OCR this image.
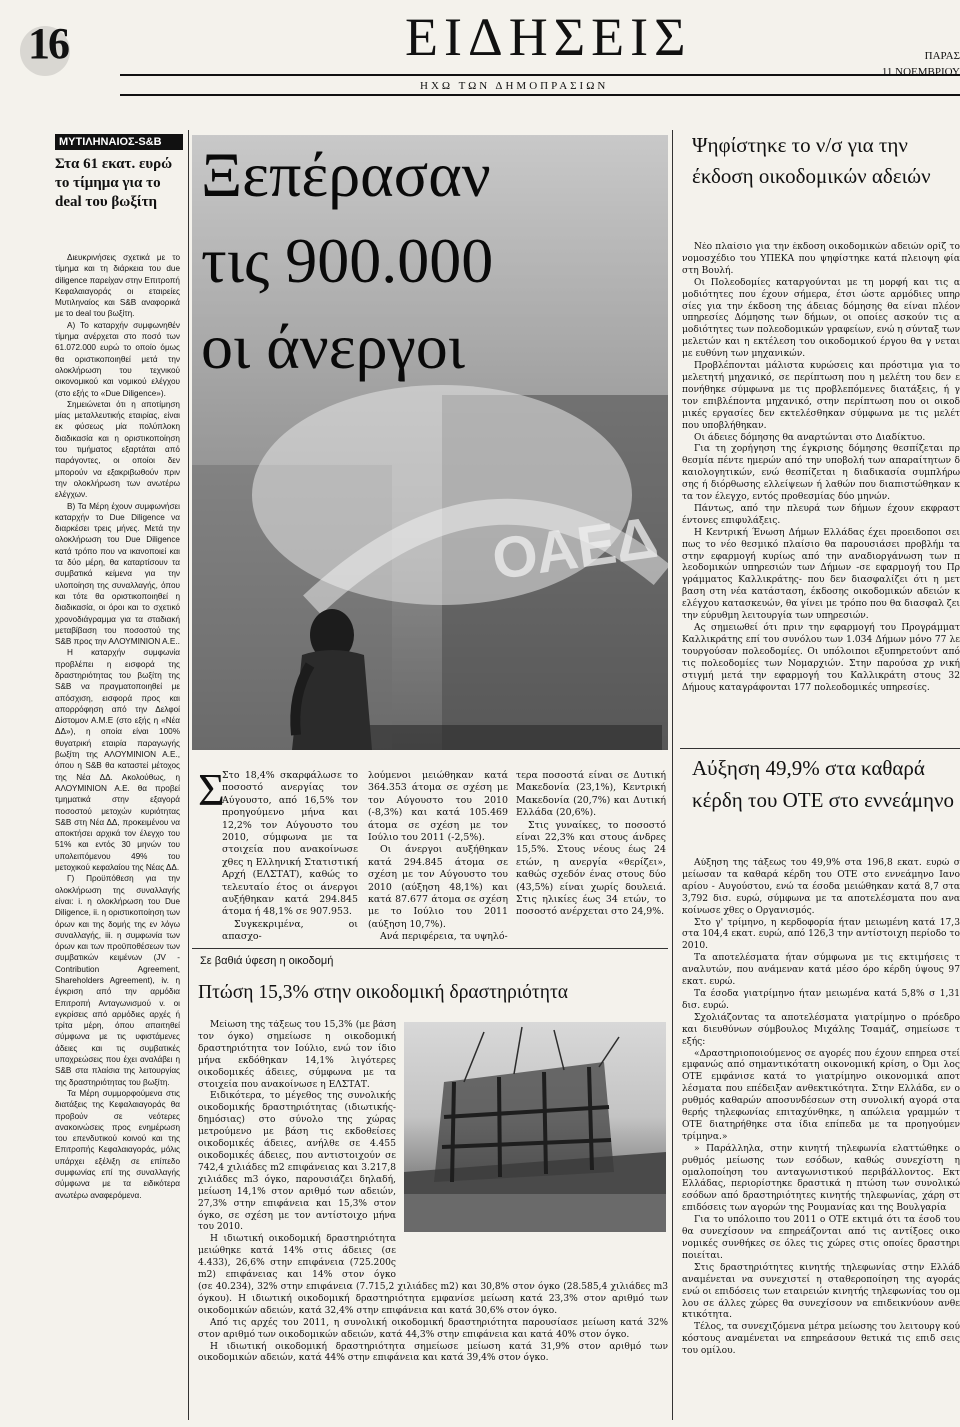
16	ΕΙΔΗΣΕΙΣ
ΗΧΩ ΤΩΝ ΔΗΜΟΠΡΑΣΙΩΝ
ΠΑΡΑΣ
11 ΝΟΕΜΒΡΙΟΥ
ΜΥΤΙΛΗΝΑΙΟΣ-S&B
Στα 61 εκατ. ευρώ το τίμημα για το deal του βωξίτη

Διευκρινήσεις σχετικά με το τίμημα και τη διάρκεια του due diligence παρείχαν στην Επιτροπή Κεφαλαιαγοράς οι εταιρείες Μυτιληναίος και S&B αναφορικά με το deal του βωξίτη.

Α) Το καταρχήν συμφωνηθέν τίμημα ανέρχεται στο ποσό των 61.072.000 ευρώ το οποίο όμως θα οριστικοποιηθεί μετά την ολοκλήρωση του τεχνικού οικονομικού και νομικού ελέγχου (στο εξής το «Due Diligence»).

Σημειώνεται ότι η αποτίμηση μίας μεταλλευτικής εταιρίας, είναι εκ φύσεως μία πολύπλοκη διαδικασία και η οριστικοποίηση του τιμήματος εξαρτάται από παράγοντες, οι οποίοι δεν μπορούν να εξακριβωθούν πριν την ολοκλήρωση των ανωτέρω ελέγχων.

Β) Τα Μέρη έχουν συμφωνήσει καταρχήν το Due Diligence να διαρκέσει τρεις μήνες. Μετά την ολοκλήρωση του Due Diligence κατά τρόπο που να ικανοποιεί και τα δύο μέρη, θα καταρτίσουν τα συμβατικά κείμενα για την υλοποίηση της συναλλαγής, όπου και τότε θα οριστικοποιηθεί η διαδικασία, οι όροι και το σχετικό χρονοδιάγραμμα για τα σταδιακή μεταβίβαση του ποσοστού της S&B προς την ΑΛΟΥΜΙΝΙΟΝ Α.Ε..

Η καταρχήν συμφωνία προβλέπει η εισφορά της δραστηριότητας του βωξίτη της S&B να πραγματοποιηθεί με απόσχιση, εισφορά προς και απορρόφηση από την Δελφοί Δίστομον Α.Μ.Ε (στο εξής η «Νέα ΔΔ»), η οποία είναι 100% θυγατρική εταιρία παραγωγής βωξίτη της ΑΛΟΥΜΙΝΙΟΝ Α.Ε., όπου η S&B θα καταστεί μέτοχος της Νέα ΔΔ. Ακολούθως, η ΑΛΟΥΜΙΝΙΟΝ Α.Ε. θα προβεί τμηματικά στην εξαγορά ποσοστού μετοχών κυριότητας S&B στη Νέα ΔΔ, προκειμένου να αποκτήσει αρχικά τον έλεγχο του 51% και εντός 30 μηνών του υπολειπόμενου 49% του μετοχικού κεφαλαίου της Νέας ΔΔ.

Γ) Προϋπόθεση για την ολοκλήρωση της συναλλαγής είναι: i. η ολοκλήρωση του Due Diligence, ii. η οριστικοποίηση των όρων και της δομής της εν λόγω συναλλαγής, iii. η συμφωνία των όρων και των προϋποθέσεων των συμβατικών κειμένων (JV - Contribution Agreement, Shareholders Agreement), iv. η έγκριση από την αρμόδια Επιτροπή Ανταγωνισμού v. οι εγκρίσεις από αρμόδιες αρχές ή τρίτα μέρη, όπου απαιτηθεί σύμφωνα με τις υφιστάμενες άδειες και τις συμβατικές υποχρεώσεις που έχει αναλάβει η S&B στα πλαίσια της λειτουργίας της δραστηριότητας του βωξίτη.

Τα Μέρη συμμορφούμενα στις διατάξεις της Κεφαλαιαγοράς θα προβούν σε νεότερες ανακοινώσεις προς ενημέρωση του επενδυτικού κοινού και της Επιτροπής Κεφαλαιαγοράς, μόλις υπάρχει εξέλιξη σε επίπεδο συμφωνίας επί της συναλλαγής σύμφωνα με τα ειδικότερα ανωτέρω αναφερόμενα.

ΟΑΕΔ
Ξεπέρασαν
τις 900.000
οι άνεργοι
Σ

Στο 18,4% σκαρφάλωσε το ποσοστό ανεργίας τον Αύγουστο, από 16,5% τον προηγούμενο μήνα και 12,2% τον Αύγουστο του 2010, σύμφωνα με τα στοιχεία που ανακοίνωσε χθες η Ελληνική Στατιστική Αρχή (ΕΛΣΤΑΤ), καθώς το τελευταίο έτος οι άνεργοι αυξήθηκαν κατά 294.845 άτομα ή 48,1% σε 907.953.

Συγκεκριμένα, οι απασχο-

λούμενοι μειώθηκαν κατά 364.353 άτομα σε σχέση με τον Αύγουστο του 2010 (-8,3%) και κατά 105.469 άτομα σε σχέση με τον Ιούλιο του 2011 (-2,5%).

Οι άνεργοι αυξήθηκαν κατά 294.845 άτομα σε σχέση με τον Αύγουστο του 2010 (αύξηση 48,1%) και κατά 87.677 άτομα σε σχέση με το Ιούλιο του 2011 (αύξηση 10,7%).

Ανά περιφέρεια, τα υψηλό-

τερα ποσοστά είναι σε Δυτική Μακεδονία (23,1%), Κεντρική Μακεδονία (20,7%) και Δυτική Ελλάδα (20,6%).

Στις γυναίκες, το ποσοστό είναι 22,3% και στους άνδρες 15,5%. Στους νέους έως 24 ετών, η ανεργία «θερίζει», καθώς σχεδόν ένας στους δύο (43,5%) είναι χωρίς δουλειά. Στις ηλικίες έως 34 ετών, το ποσοστό ανέρχεται στο 24,9%.

Σε βαθιά ύφεση η οικοδομή
Πτώση 15,3% στην οικοδομική δραστηριότητα

Μείωση της τάξεως του 15,3% (με βάση τον όγκο) σημείωσε η οικοδομική δραστηριότητα τον Ιούλιο, ενώ τον ίδιο μήνα εκδόθηκαν 14,1% λιγότερες οικοδομικές άδειες, σύμφωνα με τα στοιχεία που ανακοίνωσε η ΕΛΣΤΑΤ.

Ειδικότερα, το μέγεθος της συνολικής οικοδομικής δραστηριότητας (ιδιωτικής-δημόσιας) στο σύνολο της χώρας μετρούμενο με βάση τις εκδοθείσες οικοδομικές άδειες, ανήλθε σε 4.455 οικοδομικές άδειες, που αντιστοιχούν σε 742,4 χιλιάδες m2 επιφάνειας και 3.217,8 χιλιάδες m3 όγκο, παρουσιάζει δηλαδή, μείωση 14,1% στον αριθμό των αδειών, 27,3% στην επιφάνεια και 15,3% στον όγκο, σε σχέση με τον αντίστοιχο μήνα του 2010.

Η ιδιωτική οικοδομική δραστηριότητα μειώθηκε κατά 14% στις άδειες (σε 4.433), 26,6% στην επιφάνεια (725.200ς m2) επιφάνειας και 14% στον όγκο

(σε 40.234), 32% στην επιφάνεια (7.715,2 χιλιάδες m2) και 30,8% στον όγκο (28.585,4 χιλιάδες m3 όγκου). Η ιδιωτική οικοδομική δραστηριότητα εμφανίσε μείωση κατά 23,3% στον αριθμό των οικοδομικών αδειών, κατά 32,4% στην επιφάνεια και κατά 30,6% στον όγκο.

Από τις αρχές του 2011, η συνολική οικοδομική δραστηριότητα παρουσίασε μείωση κατά 32% στον αριθμό των οικοδομικών αδειών, κατά 44,3% στην επιφάνεια και κατά 40% στον όγκο.

Η ιδιωτική οικοδομική δραστηριότητα σημείωσε μείωση κατά 31,9% στον αριθμό των οικοδομικών αδειών, κατά 44% στην επιφάνεια και κατά 39,4% στον όγκο.

Ψηφίστηκε το ν/σ για την έκδοση οικοδομικών αδειών

Νέο πλαίσιο για την έκδοση οικοδομικών αδειών ορίζ το νομοσχέδιο του ΥΠΕΚΑ που ψηφίστηκε κατά πλειοψη φία στη Βουλή.

Οι Πολεοδομίες καταργούνται με τη μορφή και τις α μοδιότητες που έχουν σήμερα, έτσι ώστε αρμόδιες υπηρ σίες για την έκδοση της άδειας δόμησης θα είναι πλέον υπηρεσίες Δόμησης των δήμων, οι οποίες ασκούν τις α μοδιότητες των πολεοδομικών γραφείων, ενώ η σύνταξ των μελετών και η εκτέλεση του οικοδομικού έργου θα γ νεται με ευθύνη των μηχανικών.

Προβλέπονται μάλιστα κυρώσεις και πρόστιμα για το μελετητή μηχανικό, σε περίπτωση που η μελέτη του δεν ε πονήθηκε σύμφωνα με τις προβλεπόμενες διατάξεις, ή γ τον επιβλέποντα μηχανικό, στην περίπτωση που οι οικοδ μικές εργασίες δεν εκτελέσθηκαν σύμφωνα με τις μελέτ που υποβλήθηκαν.

Οι άδειες δόμησης θα αναρτώνται στο Διαδίκτυο.

Για τη χορήγηση της έγκρισης δόμησης θεσπίζεται πρ θεσμία πέντε ημερών από την υποβολή των απαραίτητων δ καιολογητικών, ενώ θεσπίζεται η διαδικασία συμπλήρω σης ή διόρθωσης ελλείψεων ή λαθών που διαπιστώθηκαν κ τα τον έλεγχο, εντός προθεσμίας δύο μηνών.

Πάντως, από την πλευρά των δήμων έχουν εκφραστ έντονες επιφυλάξεις.

Η Κεντρική Ένωση Δήμων Ελλάδας έχει προειδοποι σει πως το νέο θεσμικό πλαίσιο θα παρουσιάσει προβλήμ τα στην εφαρμογή κυρίως από την αναδιοργάνωση των π λεοδομικών υπηρεσιών των Δήμων -σε εφαρμογή του Πρ γράμματος Καλλικράτης- που δεν διασφαλίζει ότι η μετ βαση στη νέα κατάσταση, έκδοσης οικοδομικών αδειών κ ελέγχου κατασκευών, θα γίνει με τρόπο που θα διασφαλ ζει την εύρυθμη λειτουργία των υπηρεσιών.

Ας σημειωθεί ότι πριν την εφαρμογή του Προγράμματ Καλλικράτης επί του συνόλου των 1.034 Δήμων μόνο 77 λε τουργούσαν πολεοδομίες. Οι υπόλοιποι εξυπηρετούντ από τις πολεοδομίες των Νομαρχιών. Στην παρούσα χρ νική στιγμή μετά την εφαρμογή του Καλλικράτη στους 32 Δήμους καταγράφονται 177 πολεοδομικές υπηρεσίες.

Αύξηση 49,9% στα καθαρά κέρδη του ΟΤΕ στο εννεάμηνο

Αύξηση της τάξεως του 49,9% στα 196,8 εκατ. ευρώ σ μείωσαν τα καθαρά κέρδη του ΟΤΕ στο εννεάμηνο Ιανο αρίου - Αυγούστου, ενώ τα έσοδα μειώθηκαν κατά 8,7 στα 3,792 δισ. ευρώ, σύμφωνα με τα αποτελέσματα που ανα κοίνωσε χθες ο Οργανισμός.

Στο γ' τρίμηνο, η κερδοφορία ήταν μειωμένη κατά 17,3 στα 104,4 εκατ. ευρώ, από 126,3 την αντίστοιχη περίοδο το 2010.

Τα αποτελέσματα ήταν σύμφωνα με τις εκτιμήσεις τ αναλυτών, που ανάμεναν κατά μέσο όρο κέρδη ύψους 97 εκατ. ευρώ.

Τα έσοδα γιατρίμηνο ήταν μειωμένα κατά 5,8% σ 1,31 δισ. ευρώ.

Σχολιάζοντας τα αποτελέσματα γιατρίμηνο ο πρόεδρο και διευθύνων σύμβουλος Μιχάλης Τσαμάζ, σημείωσε τ εξής:

«Δραστηριοποιούμενος σε αγορές που έχουν επηρεα στεί εμφανώς από σημαντικότατη οικονομική κρίση, ο Όμι λος ΟΤΕ εμφάνισε κατά το γιατρίμηνο οικονομικά αποτ λέσματα που επέδειξαν ανθεκτικότητα. Στην Ελλάδα, εν ο ρυθμός καθαρών αποσυνδέσεων στη συνολική αγορά στα θερής τηλεφωνίας επιταχύνθηκε, η απώλεια γραμμών τ ΟΤΕ διατηρήθηκε στα ίδια επίπεδα με τα προηγούμεν τρίμηνα.»

» Παράλληλα, στην κινητή τηλεφωνία ελαττώθηκε ο ρυθμός μείωσης των εσόδων, καθώς συνεχίστη η ομαλοποίηση του ανταγωνιστικού περιβάλλοντος. Εκτ Ελλάδας, περιορίστηκε δραστικά η πτώση των συνολικώ εσόδων από δραστηριότητες κινητής τηλεφωνίας, χάρη στ επιδόσεις των αγορών της Ρουμανίας και της Βουλγαρία

Για το υπόλοιπο του 2011 ο ΟΤΕ εκτιμά ότι τα έσοδ του θα συνεχίσουν να επηρεάζονται από τις αντίξοες οικο νομικές συνθήκες σε όλες τις χώρες στις οποίες δραστηρι ποιείται.

Στις δραστηριότητες κινητής τηλεφωνίας στην Ελλάδ αναμένεται να συνεχιστεί η σταθεροποίηση της αγοράς ενώ οι επιδόσεις των εταιρειών κινητής τηλεφωνίας του ομ λου σε άλλες χώρες θα συνεχίσουν να επιδεικνύουν ανθε κτικότητα.

Τέλος, τα συνεχιζόμενα μέτρα μείωσης του λειτουργ κού κόστους αναμένεται να επηρεάσουν θετικά τις επιδ σεις του ομίλου.
